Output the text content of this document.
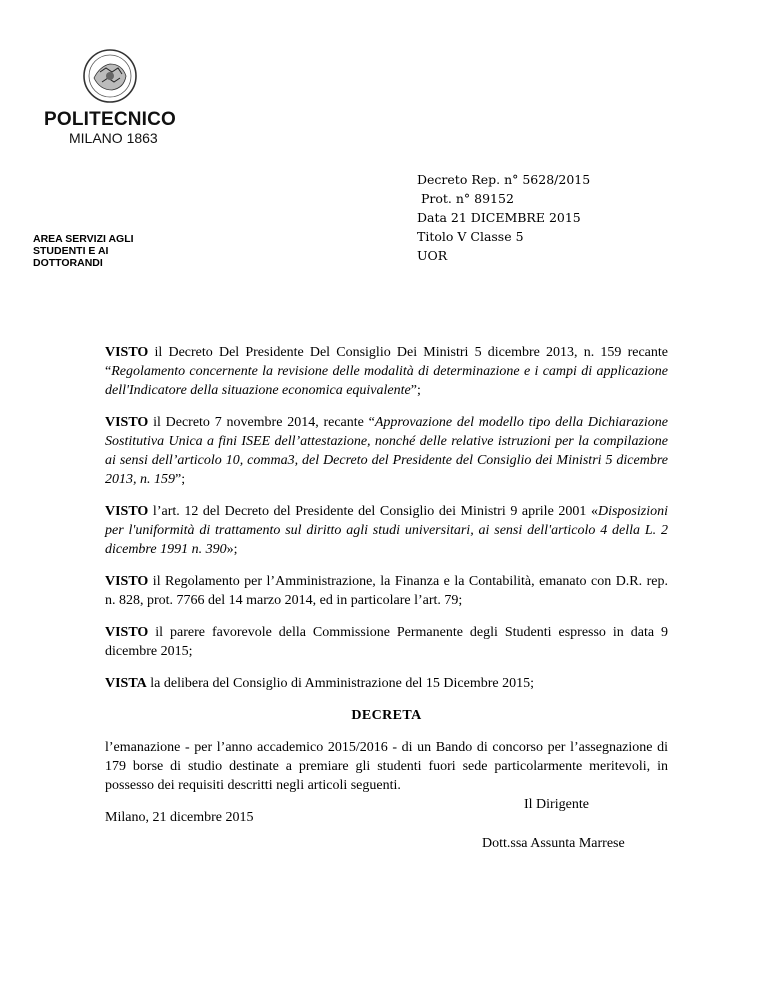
POLITECNICO
MILANO 1863
Decreto Rep. n° 5628/2015
Prot. n° 89152
Data 21 DICEMBRE 2015
Titolo V Classe 5
UOR
AREA SERVIZI AGLI
STUDENTI E AI
DOTTORANDI

VISTO il Decreto Del Presidente Del Consiglio Dei Ministri 5 dicembre 2013, n. 159 recante “Regolamento concernente la revisione delle modalità di determinazione e i campi di applicazione dell'Indicatore della situazione economica equivalente”;

VISTO il Decreto 7 novembre 2014, recante “Approvazione del modello tipo della Dichiarazione Sostitutiva Unica a fini ISEE dell’attestazione, nonché delle relative istruzioni per la compilazione ai sensi dell’articolo 10, comma3, del Decreto del Presidente del Consiglio dei Ministri 5 dicembre 2013, n. 159”;

VISTO l’art. 12 del Decreto del Presidente del Consiglio dei Ministri 9 aprile 2001 «Disposizioni per l'uniformità di trattamento sul diritto agli studi universitari, ai sensi dell'articolo 4 della L. 2 dicembre 1991 n. 390»;

VISTO il Regolamento per l’Amministrazione, la Finanza e la Contabilità, emanato con D.R. rep. n. 828, prot. 7766 del 14 marzo 2014, ed in particolare l’art. 79;

VISTO il parere favorevole della Commissione Permanente degli Studenti espresso in data 9 dicembre 2015;

VISTA la delibera del Consiglio di Amministrazione del 15 Dicembre 2015;

DECRETA

l’emanazione - per l’anno accademico 2015/2016 - di un Bando di concorso per l’assegnazione di 179 borse di studio destinate a premiare gli studenti fuori sede particolarmente meritevoli, in possesso dei requisiti descritti negli articoli seguenti.

Milano, 21 dicembre 2015
Il Dirigente
Dott.ssa Assunta Marrese
